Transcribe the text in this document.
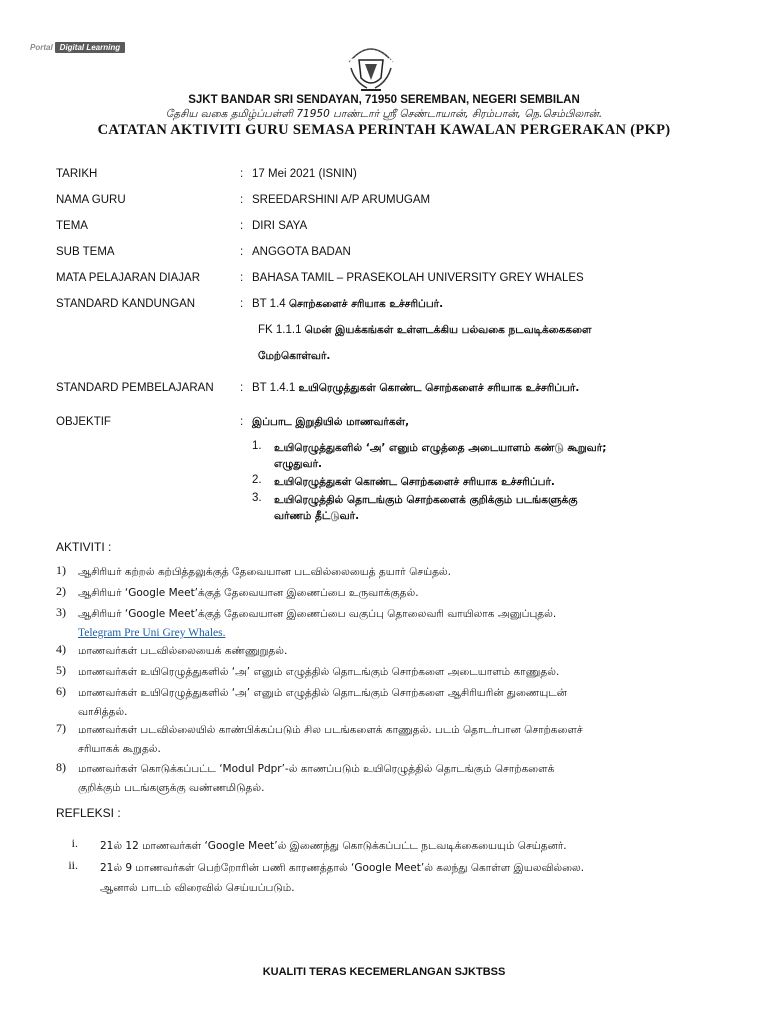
Portal Digital Learning
SJKT BANDAR SRI SENDAYAN, 71950 SEREMBAN, NEGERI SEMBILAN
தேசிய வகை தமிழ்ப்பள்ளி 71950 பாண்டார் ஸ்ரீ செண்டாயான், சிரம்பான், நெ.செம்பிலான்.
CATATAN AKTIVITI GURU SEMASA PERINTAH KAWALAN PERGERAKAN (PKP)
TARIKH	: 17 Mei 2021 (ISNIN)
NAMA GURU	: SREEDARSHINI A/P ARUMUGAM
TEMA	: DIRI SAYA
SUB TEMA	: ANGGOTA BADAN
MATA PELAJARAN DIAJAR	: BAHASA TAMIL – PRASEKOLAH UNIVERSITY GREY WHALES
STANDARD KANDUNGAN	: BT 1.4 சொற்களைச் சரியாக உச்சரிப்பர்.
FK 1.1.1 மென் இயக்கங்கள் உள்ளடக்கிய பல்வகை நடவடிக்கைகளை
மேற்கொள்வர்.
STANDARD PEMBELAJARAN : BT 1.4.1 உயிரெழுத்துகள் கொண்ட சொற்களைச் சரியாக உச்சரிப்பர்.
OBJEKTIF	: இப்பாட இறுதியில் மாணவர்கள்,
1. உயிரெழுத்துகளில் ‘அ’ எனும் எழுத்தை அடையாளம் கண்டு கூறுவர்;
எழுதுவர்.
2. உயிரெழுத்துகள் கொண்ட சொற்களைச் சரியாக உச்சரிப்பர்.
3. உயிரெழுத்தில் தொடங்கும் சொற்களைக் குறிக்கும் படங்களுக்கு
வர்ணம் தீட்டுவர்.
AKTIVITI :
1) ஆசிரியர் கற்றல் கற்பித்தலுக்குத் தேவையான படவில்லையைத் தயார் செய்தல்.
2) ஆசிரியர் ‘Google Meet’க்குத் தேவையான இணைப்பை உருவாக்குதல்.
3) ஆசிரியர் ‘Google Meet’க்குத் தேவையான இணைப்பை வகுப்பு தொலைவரி வாயிலாக அனுப்புதல்.
Telegram Pre Uni Grey Whales.
4) மாணவர்கள் படவில்லையைக் கண்ணுறுதல்.
5) மாணவர்கள் உயிரெழுத்துகளில் ‘அ’ எனும் எழுத்தில் தொடங்கும் சொற்களை அடையாளம் காணுதல்.
6) மாணவர்கள் உயிரெழுத்துகளில் ‘அ’ எனும் எழுத்தில் தொடங்கும் சொற்களை ஆசிரியரின் துணையுடன்
வாசித்தல்.
7) மாணவர்கள் படவில்லையில் காண்பிக்கப்படும் சில படங்களைக் காணுதல். படம் தொடர்பான சொற்களைச்
சரியாகக் கூறுதல்.
8) மாணவர்கள் கொடுக்கப்பட்ட ‘Modul Pdpr’-ல் காணப்படும் உயிரெழுத்தில் தொடங்கும் சொற்களைக்
குறிக்கும் படங்களுக்கு வண்ணமிடுதல்.
REFLEKSI :
i. 21ல் 12 மாணவர்கள் ‘Google Meet’ல் இணைந்து கொடுக்கப்பட்ட நடவடிக்கையையும் செய்தனர்.
ii. 21ல் 9 மாணவர்கள் பெற்றோரின் பணி காரணத்தால் ‘Google Meet’ல் கலந்து கொள்ள இயலவில்லை.
ஆனால் பாடம் விரைவில் செய்யப்படும்.
KUALITI TERAS KECEMERLANGAN SJKTBSS
